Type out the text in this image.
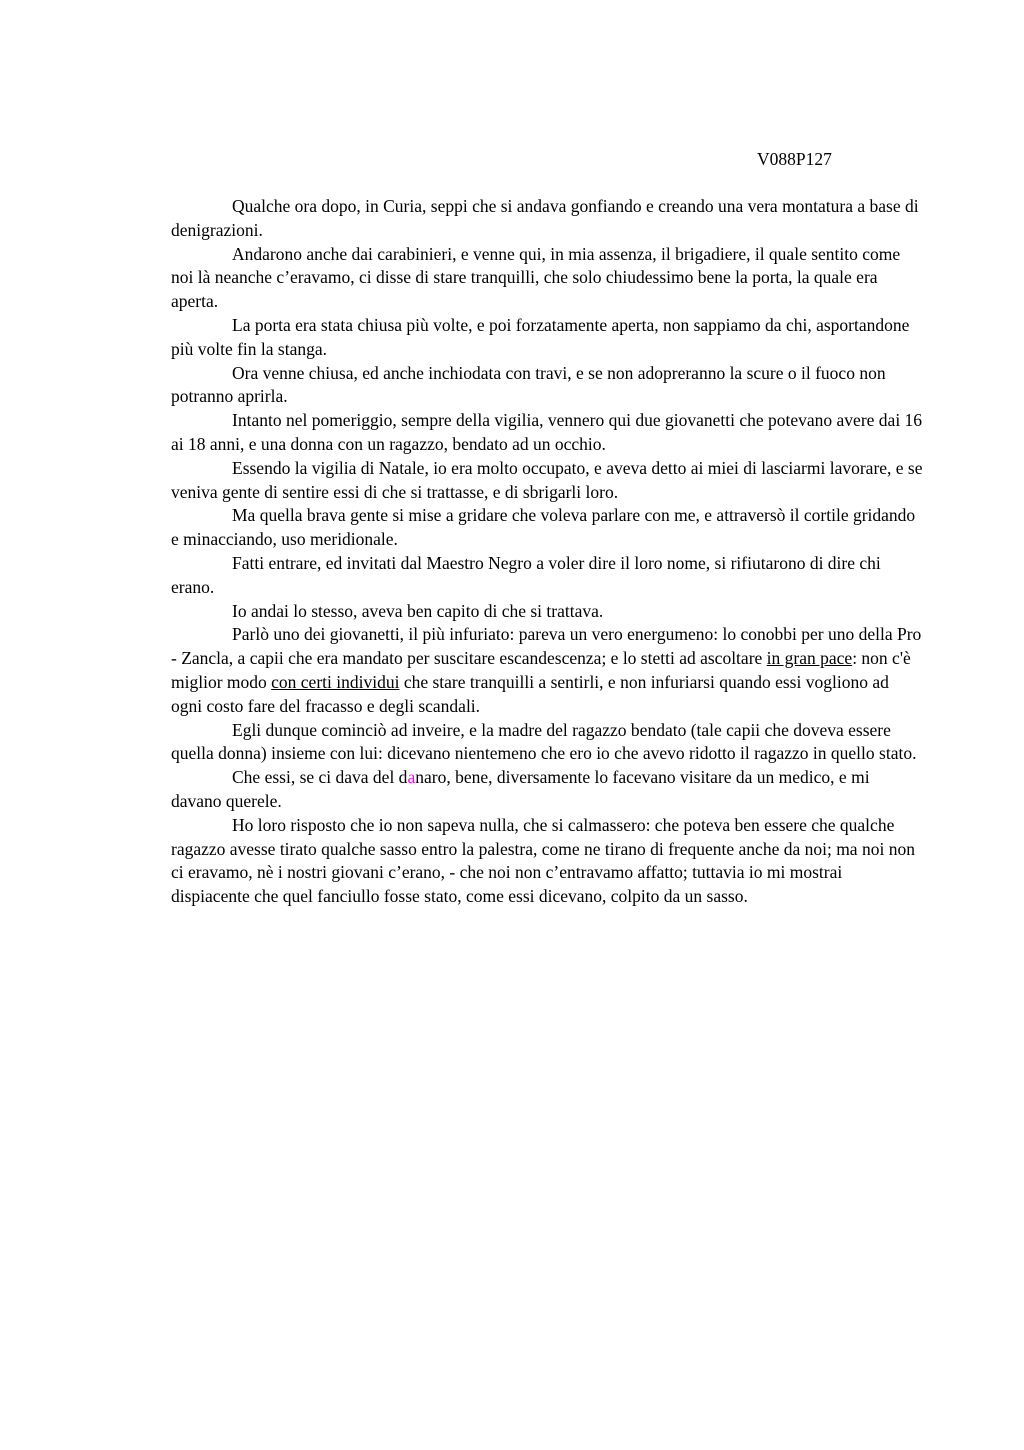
V088P127

Qualche ora dopo, in Curia, seppi che si andava gonfiando e creando una vera montatura a base di denigrazioni.

Andarono anche dai carabinieri, e venne qui, in mia assenza, il brigadiere, il quale sentito come noi là neanche c’eravamo, ci disse di stare tranquilli, che solo chiudessimo bene la porta, la quale era aperta.

La porta era stata chiusa più volte, e poi forzatamente aperta, non sappiamo da chi, asportandone più volte fin la stanga.

Ora venne chiusa, ed anche inchiodata con travi, e se non adopreranno la scure o il fuoco non potranno aprirla.

Intanto nel pomeriggio, sempre della vigilia, vennero qui due giovanetti che potevano avere dai 16 ai 18 anni, e una donna con un ragazzo, bendato ad un occhio.

Essendo la vigilia di Natale, io era molto occupato, e aveva detto ai miei di lasciarmi lavorare, e se veniva gente di sentire essi di che si trattasse, e di sbrigarli loro.

Ma quella brava gente si mise a gridare che voleva parlare con me, e attraversò il cortile gridando e minacciando, uso meridionale.

Fatti entrare, ed invitati dal Maestro Negro a voler dire il loro nome, si rifiutarono di dire chi erano.

Io andai lo stesso, aveva ben capito di che si trattava.

Parlò uno dei giovanetti, il più infuriato: pareva un vero energumeno: lo conobbi per uno della Pro - Zancla, a capii che era mandato per suscitare escandescenza; e lo stetti ad ascoltare in gran pace: non c'è miglior modo con certi individui che stare tranquilli a sentirli, e non infuriarsi quando essi vogliono ad ogni costo fare del fracasso e degli scandali.

Egli dunque cominciò ad inveire, e la madre del ragazzo bendato (tale capii che doveva essere quella donna) insieme con lui: dicevano nientemeno che ero io che avevo ridotto il ragazzo in quello stato.

Che essi, se ci dava del danaro, bene, diversamente lo facevano visitare da un medico, e mi davano querele.

Ho loro risposto che io non sapeva nulla, che si calmassero: che poteva ben essere che qualche ragazzo avesse tirato qualche sasso entro la palestra, come ne tirano di frequente anche da noi; ma noi non ci eravamo, nè i nostri giovani c’erano, - che noi non c’entravamo affatto; tuttavia io mi mostrai dispiacente che quel fanciullo fosse stato, come essi dicevano, colpito da un sasso.
